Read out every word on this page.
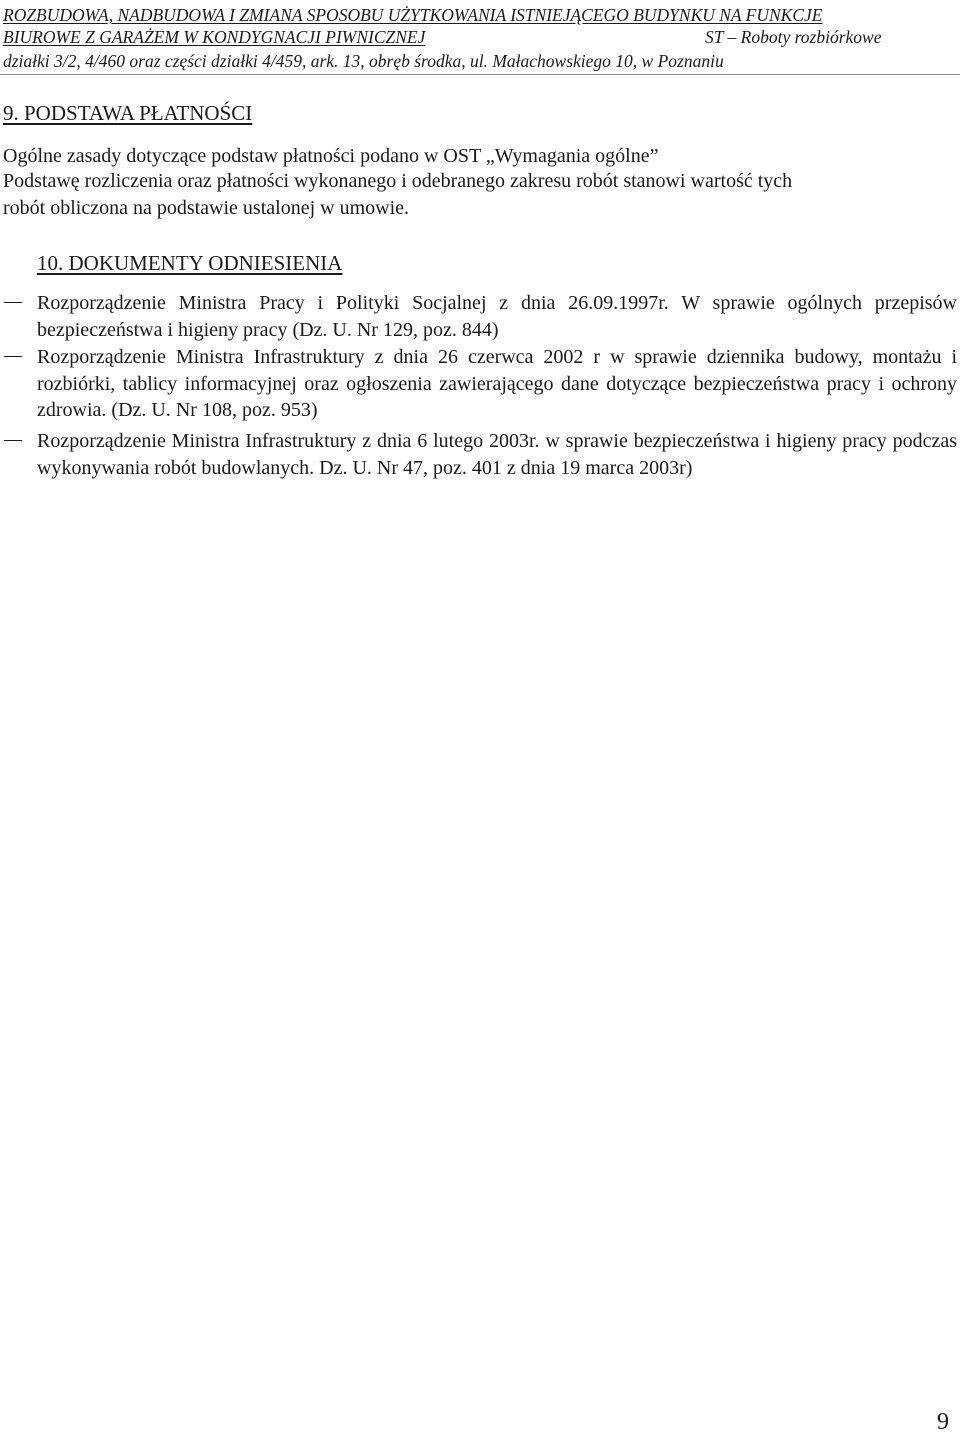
ROZBUDOWA, NADBUDOWA I ZMIANA SPOSOBU UŻYTKOWANIA ISTNIEJĄCEGO BUDYNKU NA FUNKCJE
BIUROWE Z GARAŻEM W KONDYGNACJI PIWNICZNEJ	ST – Roboty rozbiórkowe
działki 3/2, 4/460 oraz części działki 4/459, ark. 13, obręb środka, ul. Małachowskiego 10, w Poznaniu
9. PODSTAWA PŁATNOŚCI
Ogólne zasady dotyczące podstaw płatności podano w OST „Wymagania ogólne”
Podstawę rozliczenia oraz płatności wykonanego i odebranego zakresu robót stanowi wartość tych
robót obliczona na podstawie ustalonej w umowie.
10. DOKUMENTY ODNIESIENIA
Rozporządzenie Ministra Pracy i Polityki Socjalnej z dnia 26.09.1997r. W sprawie ogólnych przepisów bezpieczeństwa i higieny pracy (Dz. U. Nr 129, poz. 844)
Rozporządzenie Ministra Infrastruktury z dnia 26 czerwca 2002 r w sprawie dziennika budowy, montażu i rozbiórki, tablicy informacyjnej oraz ogłoszenia zawierającego dane dotyczące bezpieczeństwa pracy i ochrony zdrowia. (Dz. U. Nr 108, poz. 953)
Rozporządzenie Ministra Infrastruktury z dnia 6 lutego 2003r. w sprawie bezpieczeństwa i higieny pracy podczas wykonywania robót budowlanych. Dz. U. Nr 47, poz. 401 z dnia 19 marca 2003r)
9
